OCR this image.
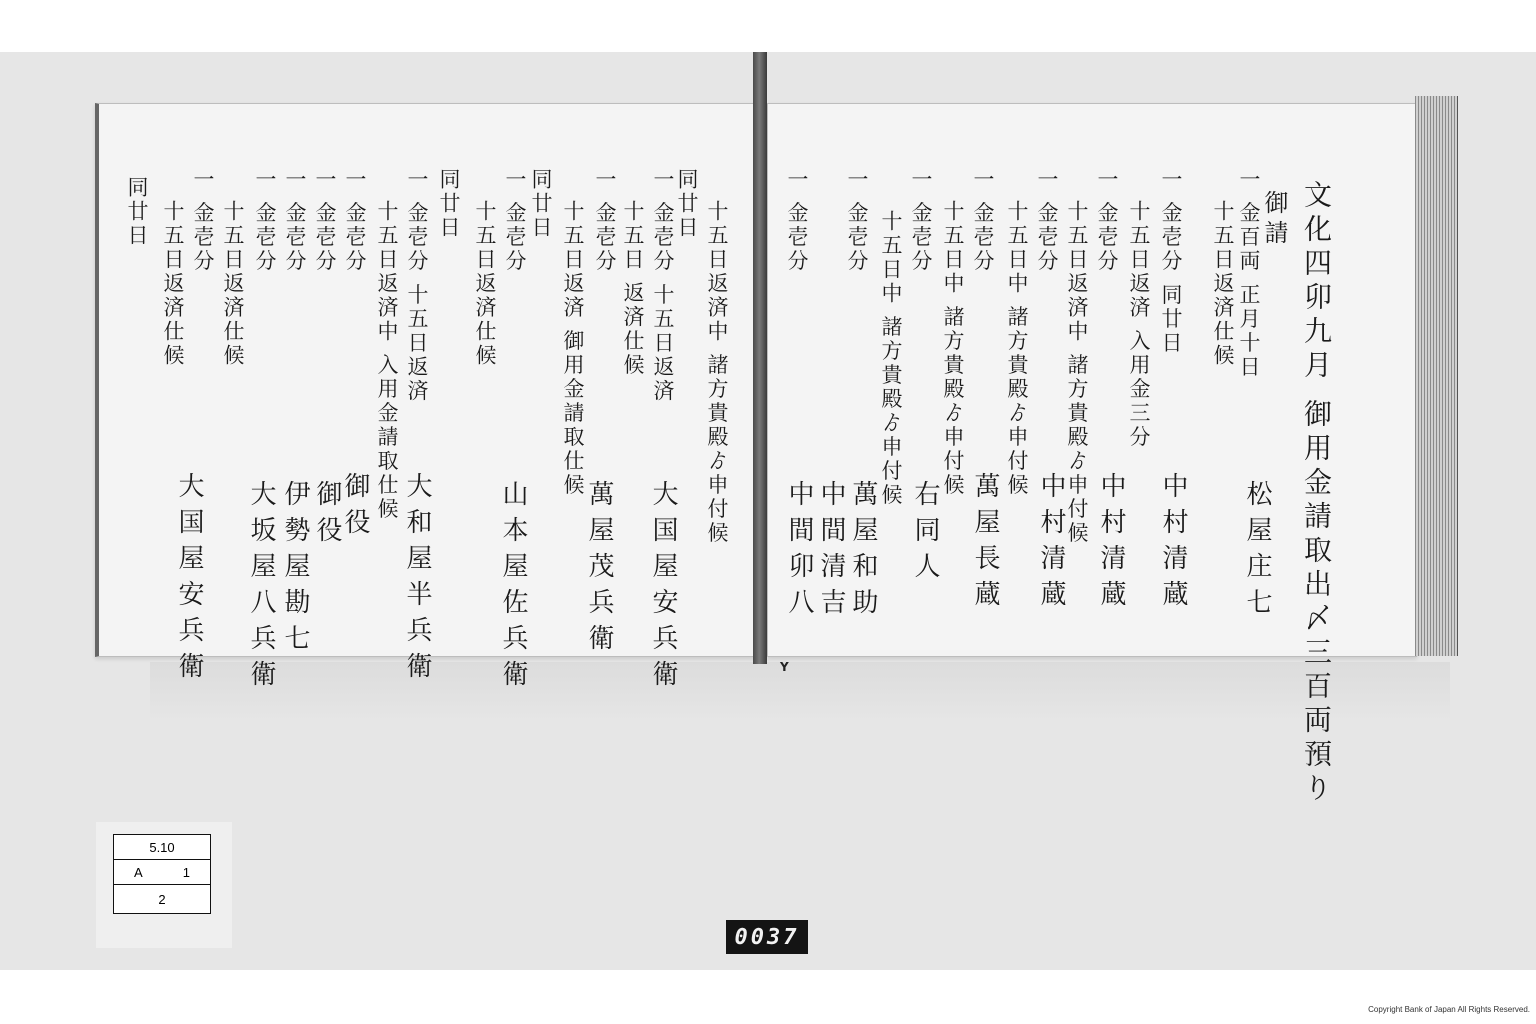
Y	文化四卯九月 御用金請取出〆三百両預り
御請
一 金百両 正月十日
十五日返済仕候
一 金壱分 同廿日
十五日返済 入用金三分
一 金壱分
十五日返済中 諸方貴殿ゟ申付候
一 金壱分
十五日中 諸方貴殿ゟ申付候
一 金壱分
十五日中 諸方貴殿ゟ申付候
一 金壱分
十五日中 諸方貴殿ゟ申付候
一 金壱分
一 金壱分
松屋庄七
中村清蔵
中村清蔵
中村清蔵
萬屋長蔵
右同人
萬屋和助
中間清吉
中間卯八
十五日返済中 諸方貴殿ゟ申付候
同廿日
一 金壱分 十五日返済
十五日 返済仕候
一 金壱分
十五日返済 御用金請取仕候
同廿日
一 金壱分
十五日返済仕候
同廿日
一 金壱分 十五日返済
十五日返済中 入用金請取仕候
一 金壱分
一 金壱分
一 金壱分
一 金壱分
十五日返済仕候
一 金壱分
十五日返済仕候
同廿日
大国屋安兵衛
萬屋茂兵衛
山本屋佐兵衛
大和屋半兵衛
御役
御役
伊勢屋勘七
大坂屋八兵衛
大国屋安兵衛
5.10
A	1
2
0037
Copyright Bank of Japan All Rights Reserved.
